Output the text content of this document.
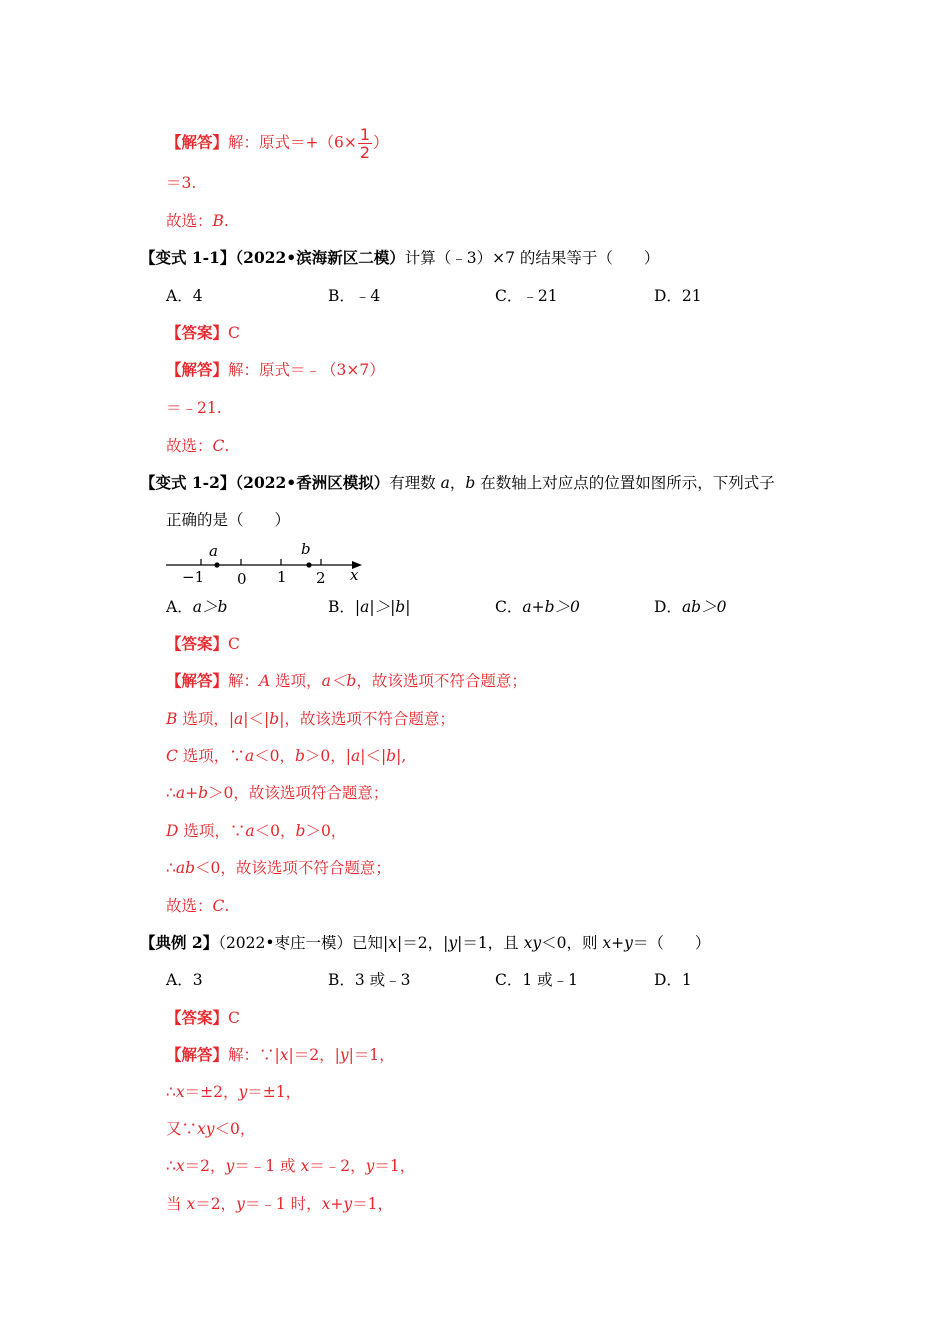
【解答】解：原式$=+(6\times \frac{1}{2}$ ）
＝3.
故选：B.
【变式 1-1】（2022•滨海新区二模）计算（﹣3）×7 的结果等于（　　）
A．4	B．﹣4	C．﹣21	D．21
【答案】C
【解答】解：原式＝﹣（3×7）
＝﹣21.
故选：C.
【变式 1-2】（2022•香洲区模拟）有理数 a，b 在数轴上对应点的位置如图所示，下列式子
正确的是（　　）
a	b
−1 0 1 2 x
A．a＞b	B．|a|＞|b|	C．a+b＞0	D．ab＞0
【答案】C
【解答】解：A 选项，a＜b，故该选项不符合题意；
B 选项，|a|＜|b|，故该选项不符合题意；
C 选项，∵a＜0，b＞0，|a|＜|b|,
∴a+b＞0，故该选项符合题意；
D 选项，∵a＜0，b＞0，
∴ab＜0，故该选项不符合题意；
故选：C.
【典例 2】（2022•枣庄一模）已知|x|＝2，|y|＝1，且 xy＜0，则 x+y＝（　　）
A．3	B．3 或﹣3	C．1 或﹣1	D．1
【答案】C
【解答】解：∵|x|＝2，|y|＝1，
∴x＝±2，y＝±1，
又∵xy＜0，
∴x＝2，y＝﹣1 或 x＝﹣2，y＝1，
当 x＝2，y＝﹣1 时，x+y＝1，
